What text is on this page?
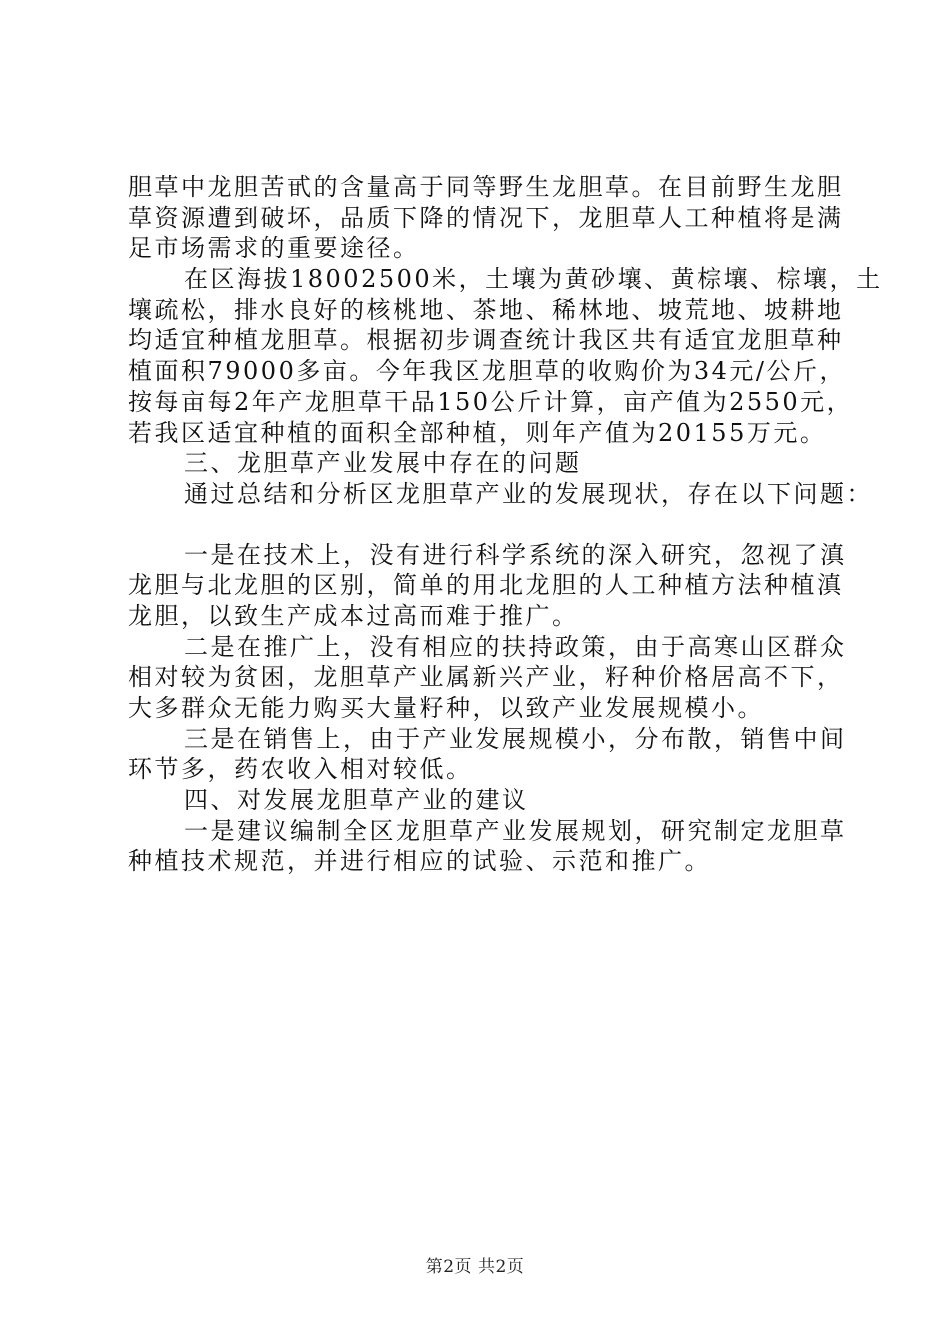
胆草中龙胆苦甙的含量高于同等野生龙胆草。在目前野生龙胆
草资源遭到破坏，品质下降的情况下，龙胆草人工种植将是满
足市场需求的重要途径。
在区海拔18002500米，土壤为黄砂壤、黄棕壤、棕壤，土
壤疏松，排水良好的核桃地、茶地、稀林地、坡荒地、坡耕地
均适宜种植龙胆草。根据初步调查统计我区共有适宜龙胆草种
植面积79000多亩。今年我区龙胆草的收购价为34元/公斤，
按每亩每2年产龙胆草干品150公斤计算，亩产值为2550元，
若我区适宜种植的面积全部种植，则年产值为20155万元。
三、龙胆草产业发展中存在的问题
通过总结和分析区龙胆草产业的发展现状，存在以下问题：
一是在技术上，没有进行科学系统的深入研究，忽视了滇
龙胆与北龙胆的区别，简单的用北龙胆的人工种植方法种植滇
龙胆，以致生产成本过高而难于推广。
二是在推广上，没有相应的扶持政策，由于高寒山区群众
相对较为贫困，龙胆草产业属新兴产业，籽种价格居高不下，
大多群众无能力购买大量籽种，以致产业发展规模小。
三是在销售上，由于产业发展规模小，分布散，销售中间
环节多，药农收入相对较低。
四、对发展龙胆草产业的建议
一是建议编制全区龙胆草产业发展规划，研究制定龙胆草
种植技术规范，并进行相应的试验、示范和推广。
第2页 共2页
